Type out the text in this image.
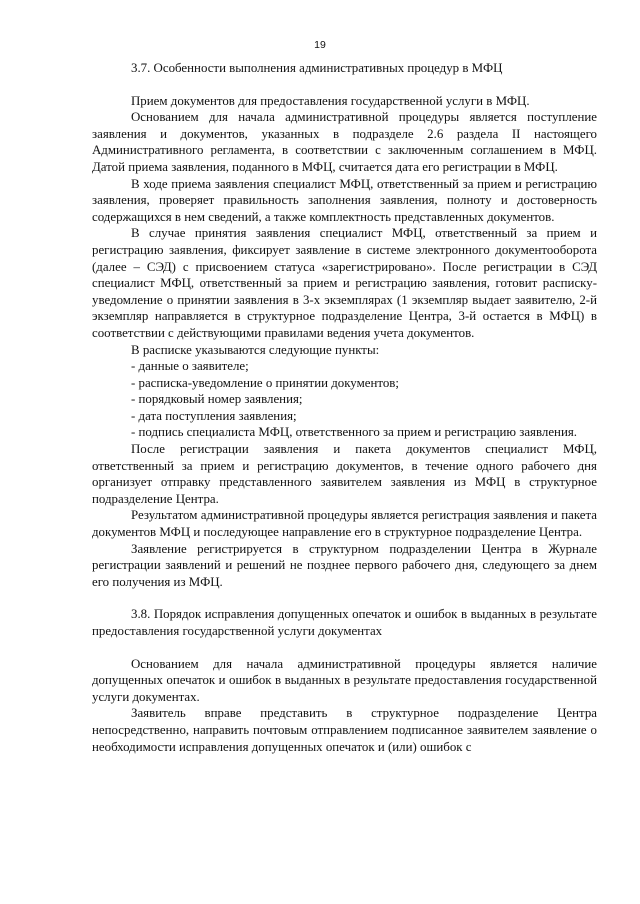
19

3.7. Особенности выполнения административных процедур в МФЦ

Прием документов для предоставления государственной услуги в МФЦ.

Основанием для начала административной процедуры является поступление заявления и документов, указанных в подразделе 2.6 раздела II настоящего Административного регламента, в соответствии с заключенным соглашением в МФЦ. Датой приема заявления, поданного в МФЦ, считается дата его регистрации в МФЦ.

В ходе приема заявления специалист МФЦ, ответственный за прием и регистрацию заявления, проверяет правильность заполнения заявления, полноту и достоверность содержащихся в нем сведений, а также комплектность представленных документов.

В случае принятия заявления специалист МФЦ, ответственный за прием и регистрацию заявления, фиксирует заявление в системе электронного документооборота (далее – СЭД) с присвоением статуса «зарегистрировано». После регистрации в СЭД специалист МФЦ, ответственный за прием и регистрацию заявления, готовит расписку-уведомление о принятии заявления в 3-х экземплярах (1 экземпляр выдает заявителю, 2-й экземпляр направляется в структурное подразделение Центра, 3-й остается в МФЦ) в соответствии с действующими правилами ведения учета документов.

В расписке указываются следующие пункты:

- данные о заявителе;

- расписка-уведомление о принятии документов;

- порядковый номер заявления;

- дата поступления заявления;

- подпись специалиста МФЦ, ответственного за прием и регистрацию заявления.

После регистрации заявления и пакета документов специалист МФЦ, ответственный за прием и регистрацию документов, в течение одного рабочего дня организует отправку представленного заявителем заявления из МФЦ в структурное подразделение Центра.

Результатом административной процедуры является регистрация заявления и пакета документов МФЦ и последующее направление его в структурное подразделение Центра.

Заявление регистрируется в структурном подразделении Центра в Журнале регистрации заявлений и решений не позднее первого рабочего дня, следующего за днем его получения из МФЦ.

3.8. Порядок исправления допущенных опечаток и ошибок в выданных в результате предоставления государственной услуги документах

Основанием для начала административной процедуры является наличие допущенных опечаток и ошибок в выданных в результате предоставления государственной услуги документах.

Заявитель вправе представить в структурное подразделение Центра непосредственно, направить почтовым отправлением подписанное заявителем заявление о необходимости исправления допущенных опечаток и (или) ошибок с
